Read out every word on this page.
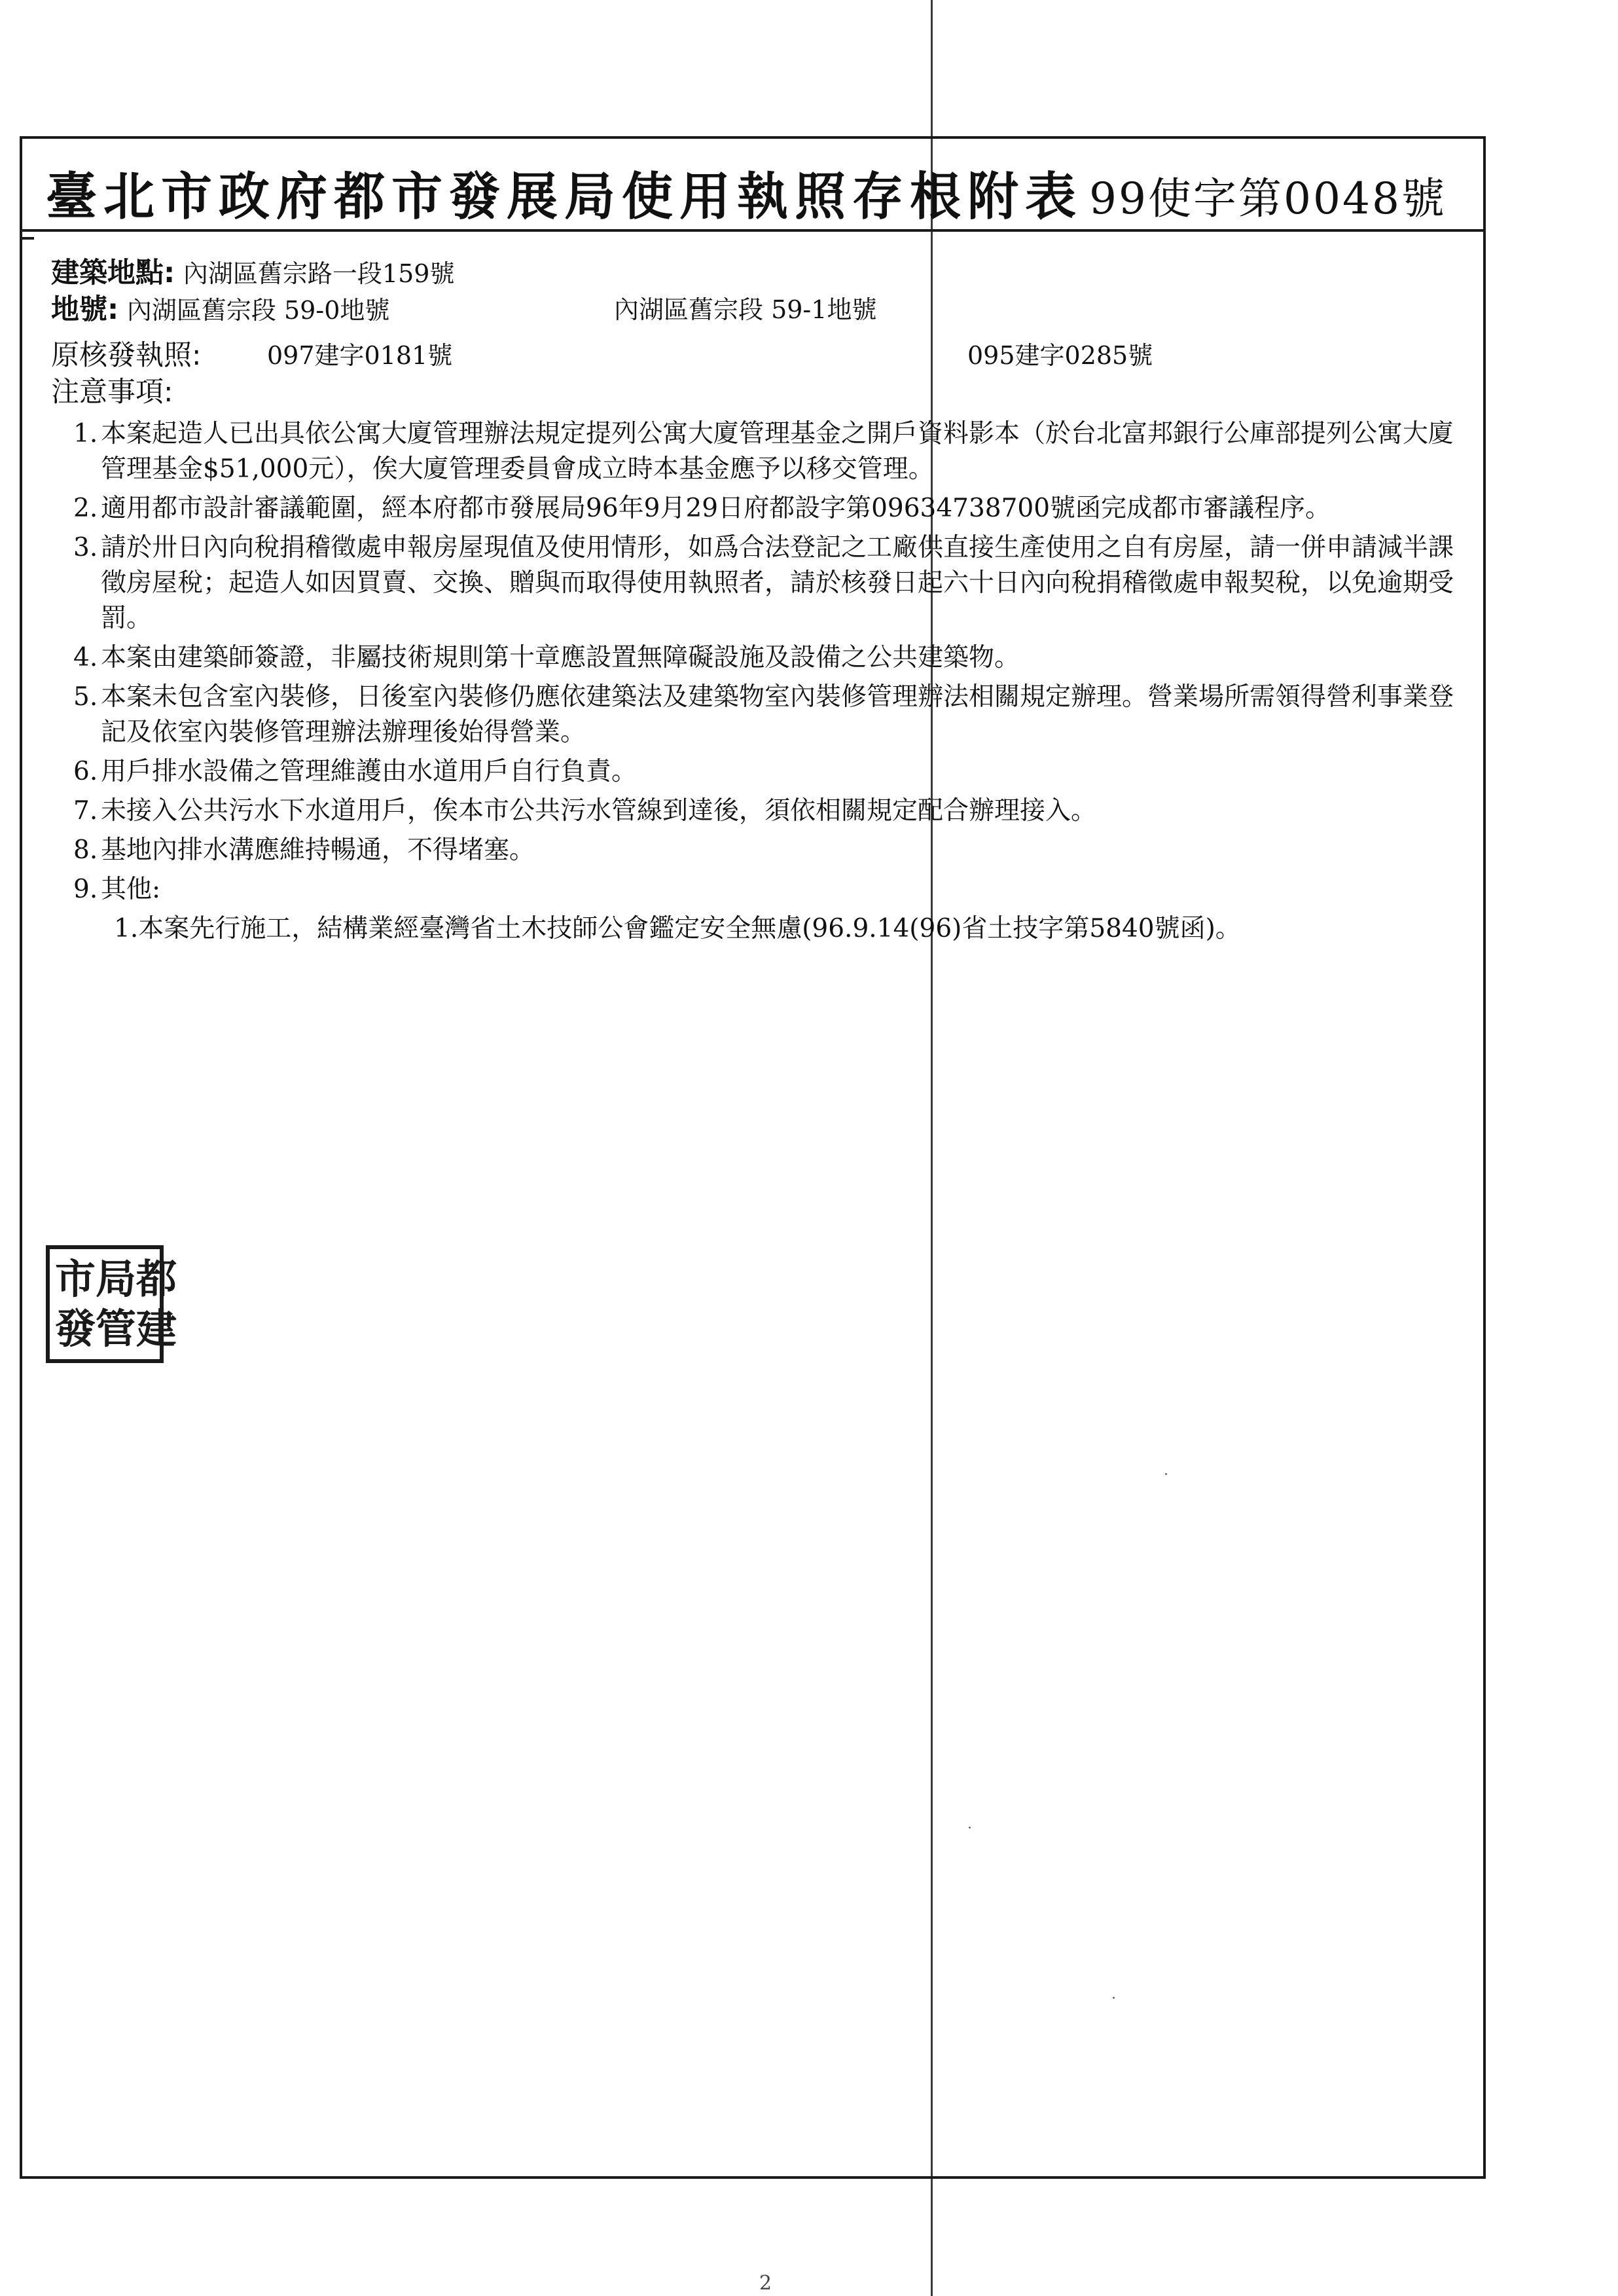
臺北市政府都市發展局使用執照存根附表 99使字第0048號
建築地點: 內湖區舊宗路一段159號
地號: 內湖區舊宗段 59-0地號	內湖區舊宗段 59-1地號
原核發執照:	097建字0181號	095建字0285號
注意事項:
1. 本案起造人已出具依公寓大廈管理辦法規定提列公寓大廈管理基金之開戶資料影本（於台北富邦銀行公庫部提列公寓大廈管理基金$51,000元），俟大廈管理委員會成立時本基金應予以移交管理。
2. 適用都市設計審議範圍，經本府都市發展局96年9月29日府都設字第09634738700號函完成都市審議程序。
3. 請於卅日內向稅捐稽徵處申報房屋現值及使用情形，如爲合法登記之工廠供直接生產使用之自有房屋，請一併申請減半課徵房屋稅；起造人如因買賣、交換、贈與而取得使用執照者，請於核發日起六十日內向稅捐稽徵處申報契稅，以免逾期受罰。
4. 本案由建築師簽證，非屬技術規則第十章應設置無障礙設施及設備之公共建築物。
5. 本案未包含室內裝修，日後室內裝修仍應依建築法及建築物室內裝修管理辦法相關規定辦理。營業場所需領得營利事業登記及依室內裝修管理辦法辦理後始得營業。
6. 用戶排水設備之管理維護由水道用戶自行負責。
7. 未接入公共污水下水道用戶，俟本市公共污水管線到達後，須依相關規定配合辦理接入。
8. 基地內排水溝應維持暢通，不得堵塞。
9. 其他:
1.本案先行施工，結構業經臺灣省土木技師公會鑑定安全無慮(96.9.14(96)省土技字第5840號函)。
市 局 都
發 管 建
2
